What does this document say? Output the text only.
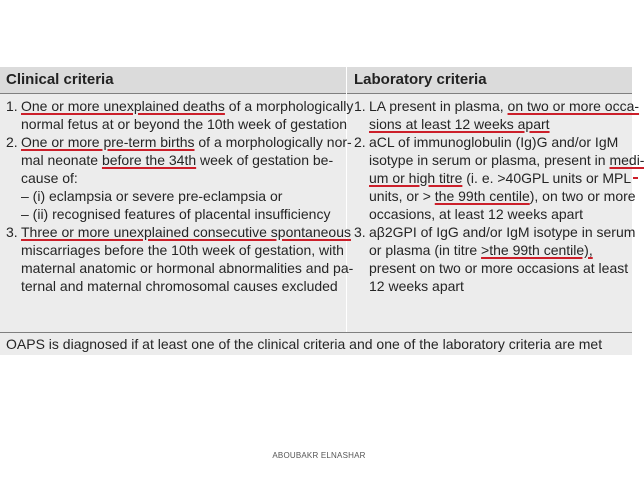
Clinical criteria	Laboratory criteria
1. One or more unexplained deaths of a morphologically
normal fetus at or beyond the 10th week of gestation
2. One or more pre-term births of a morphologically nor-
mal neonate before the 34th week of gestation be-
cause of:
– (i) eclampsia or severe pre-eclampsia or
– (ii) recognised features of placental insufficiency
3. Three or more unexplained consecutive spontaneous
miscarriages before the 10th week of gestation, with
maternal anatomic or hormonal abnormalities and pa-
ternal and maternal chromosomal causes excluded
1. LA present in plasma, on two or more occa-
sions at least 12 weeks apart
2. aCL of immunoglobulin (Ig)G and/or IgM
isotype in serum or plasma, present in medi-
um or high titre (i. e. >40GPL units or MPL
units, or > the 99th centile), on two or more
occasions, at least 12 weeks apart
3. aβ2GPI of IgG and/or IgM isotype in serum
or plasma (in titre >the 99th centile),
present on two or more occasions at least
12 weeks apart
OAPS is diagnosed if at least one of the clinical criteria and one of the laboratory criteria are met
ABOUBAKR ELNASHAR
